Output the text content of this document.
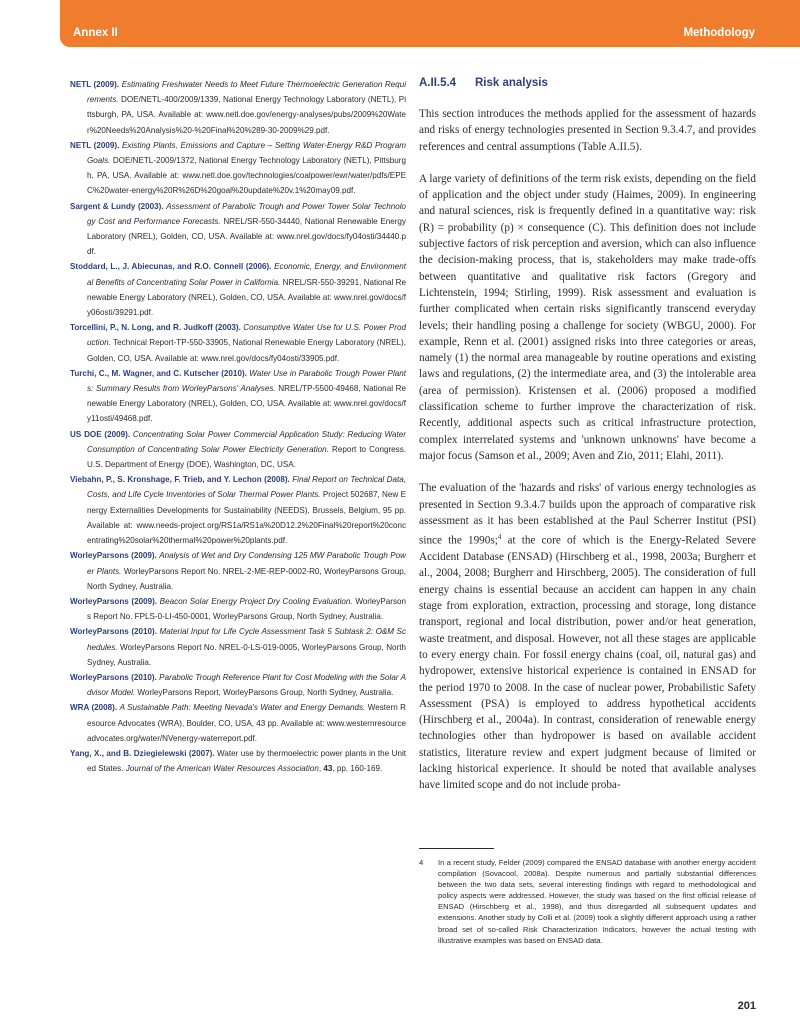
Annex II	Methodology

NETL (2009). Estimating Freshwater Needs to Meet Future Thermoelectric Generation Requirements. DOE/NETL-400/2009/1339, National Energy Technology Laboratory (NETL), Pittsburgh, PA, USA. Available at: www.netl.doe.gov/energy-analyses/pubs/2009%20Water%20Needs%20Analysis%20-%20Final%20%289-30-2009%29.pdf.

NETL (2009). Existing Plants, Emissions and Capture – Setting Water-Energy R&D Program Goals. DOE/NETL-2009/1372, National Energy Technology Laboratory (NETL), Pittsburgh, PA, USA. Available at: www.netl.doe.gov/technologies/coalpower/ewr/water/pdfs/EPEC%20water-energy%20R%26D%20goal%20update%20v.1%20may09.pdf.

Sargent & Lundy (2003). Assessment of Parabolic Trough and Power Tower Solar Technology Cost and Performance Forecasts. NREL/SR-550-34440, National Renewable Energy Laboratory (NREL), Golden, CO, USA. Available at: www.nrel.gov/docs/fy04osti/34440.pdf.

Stoddard, L., J. Abiecunas, and R.O. Connell (2006). Economic, Energy, and Environmental Benefits of Concentrating Solar Power in California. NREL/SR-550-39291, National Renewable Energy Laboratory (NREL), Golden, CO, USA. Available at: www.nrel.gov/docs/fy06osti/39291.pdf.

Torcellini, P., N. Long, and R. Judkoff (2003). Consumptive Water Use for U.S. Power Production. Technical Report-TP-550-33905, National Renewable Energy Laboratory (NREL), Golden, CO, USA. Available at: www.nrel.gov/docs/fy04osti/33905.pdf.

Turchi, C., M. Wagner, and C. Kutscher (2010). Water Use in Parabolic Trough Power Plants: Summary Results from WorleyParsons' Analyses. NREL/TP-5500-49468, National Renewable Energy Laboratory (NREL), Golden, CO, USA. Available at: www.nrel.gov/docs/fy11osti/49468.pdf.

US DOE (2009). Concentrating Solar Power Commercial Application Study: Reducing Water Consumption of Concentrating Solar Power Electricity Generation. Report to Congress. U.S. Department of Energy (DOE), Washington, DC, USA.

Viebahn, P., S. Kronshage, F. Trieb, and Y. Lechon (2008). Final Report on Technical Data, Costs, and Life Cycle Inventories of Solar Thermal Power Plants. Project 502687, New Energy Externalities Developments for Sustainability (NEEDS), Brussels, Belgium, 95 pp. Available at: www.needs-project.org/RS1a/RS1a%20D12.2%20Final%20report%20concentrating%20solar%20thermal%20power%20plants.pdf.

WorleyParsons (2009). Analysis of Wet and Dry Condensing 125 MW Parabolic Trough Power Plants. WorleyParsons Report No. NREL-2-ME-REP-0002-R0, WorleyParsons Group, North Sydney, Australia.

WorleyParsons (2009). Beacon Solar Energy Project Dry Cooling Evaluation. WorleyParsons Report No. FPLS-0-LI-450-0001, WorleyParsons Group, North Sydney, Australia.

WorleyParsons (2010). Material Input for Life Cycle Assessment Task 5 Subtask 2: O&M Schedules. WorleyParsons Report No. NREL-0-LS-019-0005, WorleyParsons Group, North Sydney, Australia.

WorleyParsons (2010). Parabolic Trough Reference Plant for Cost Modeling with the Solar Advisor Model. WorleyParsons Report, WorleyParsons Group, North Sydney, Australia.

WRA (2008). A Sustainable Path: Meeting Nevada's Water and Energy Demands. Western Resource Advocates (WRA), Boulder, CO, USA, 43 pp. Available at: www.westernresourceadvocates.org/water/NVenergy-waterreport.pdf.

Yang, X., and B. Dziegielewski (2007). Water use by thermoelectric power plants in the United States. Journal of the American Water Resources Association, 43, pp. 160-169.

A.II.5.4 Risk analysis

This section introduces the methods applied for the assessment of hazards and risks of energy technologies presented in Section 9.3.4.7, and provides references and central assumptions (Table A.II.5).

A large variety of definitions of the term risk exists, depending on the field of application and the object under study (Haimes, 2009). In engineering and natural sciences, risk is frequently defined in a quantitative way: risk (R) = probability (p) × consequence (C). This definition does not include subjective factors of risk perception and aversion, which can also influence the decision-making process, that is, stakeholders may make trade-offs between quantitative and qualitative risk factors (Gregory and Lichtenstein, 1994; Stirling, 1999). Risk assessment and evaluation is further complicated when certain risks significantly transcend everyday levels; their handling posing a challenge for society (WBGU, 2000). For example, Renn et al. (2001) assigned risks into three categories or areas, namely (1) the normal area manageable by routine operations and existing laws and regulations, (2) the intermediate area, and (3) the intolerable area (area of permission). Kristensen et al. (2006) proposed a modified classification scheme to further improve the characterization of risk. Recently, additional aspects such as critical infrastructure protection, complex interrelated systems and 'unknown unknowns' have become a major focus (Samson et al., 2009; Aven and Zio, 2011; Elahi, 2011).

The evaluation of the 'hazards and risks' of various energy technologies as presented in Section 9.3.4.7 builds upon the approach of comparative risk assessment as it has been established at the Paul Scherrer Institut (PSI) since the 1990s;$^4$ at the core of which is the Energy-Related Severe Accident Database (ENSAD) (Hirschberg et al., 1998, 2003a; Burgherr et al., 2004, 2008; Burgherr and Hirschberg, 2005). The consideration of full energy chains is essential because an accident can happen in any chain stage from exploration, extraction, processing and storage, long distance transport, regional and local distribution, power and/or heat generation, waste treatment, and disposal. However, not all these stages are applicable to every energy chain. For fossil energy chains (coal, oil, natural gas) and hydropower, extensive historical experience is contained in ENSAD for the period 1970 to 2008. In the case of nuclear power, Probabilistic Safety Assessment (PSA) is employed to address hypothetical accidents (Hirschberg et al., 2004a). In contrast, consideration of renewable energy technologies other than hydropower is based on available accident statistics, literature review and expert judgment because of limited or lacking historical experience. It should be noted that available analyses have limited scope and do not include proba-

4 In a recent study, Felder (2009) compared the ENSAD database with another energy accident compilation (Sovacool, 2008a). Despite numerous and partially substantial differences between the two data sets, several interesting findings with regard to methodological and policy aspects were addressed. However, the study was based on the first official release of ENSAD (Hirschberg et al., 1998), and thus disregarded all subsequent updates and extensions. Another study by Colli et al. (2009) took a slightly different approach using a rather broad set of so-called Risk Characterization Indicators, however the actual testing with illustrative examples was based on ENSAD data.
201
